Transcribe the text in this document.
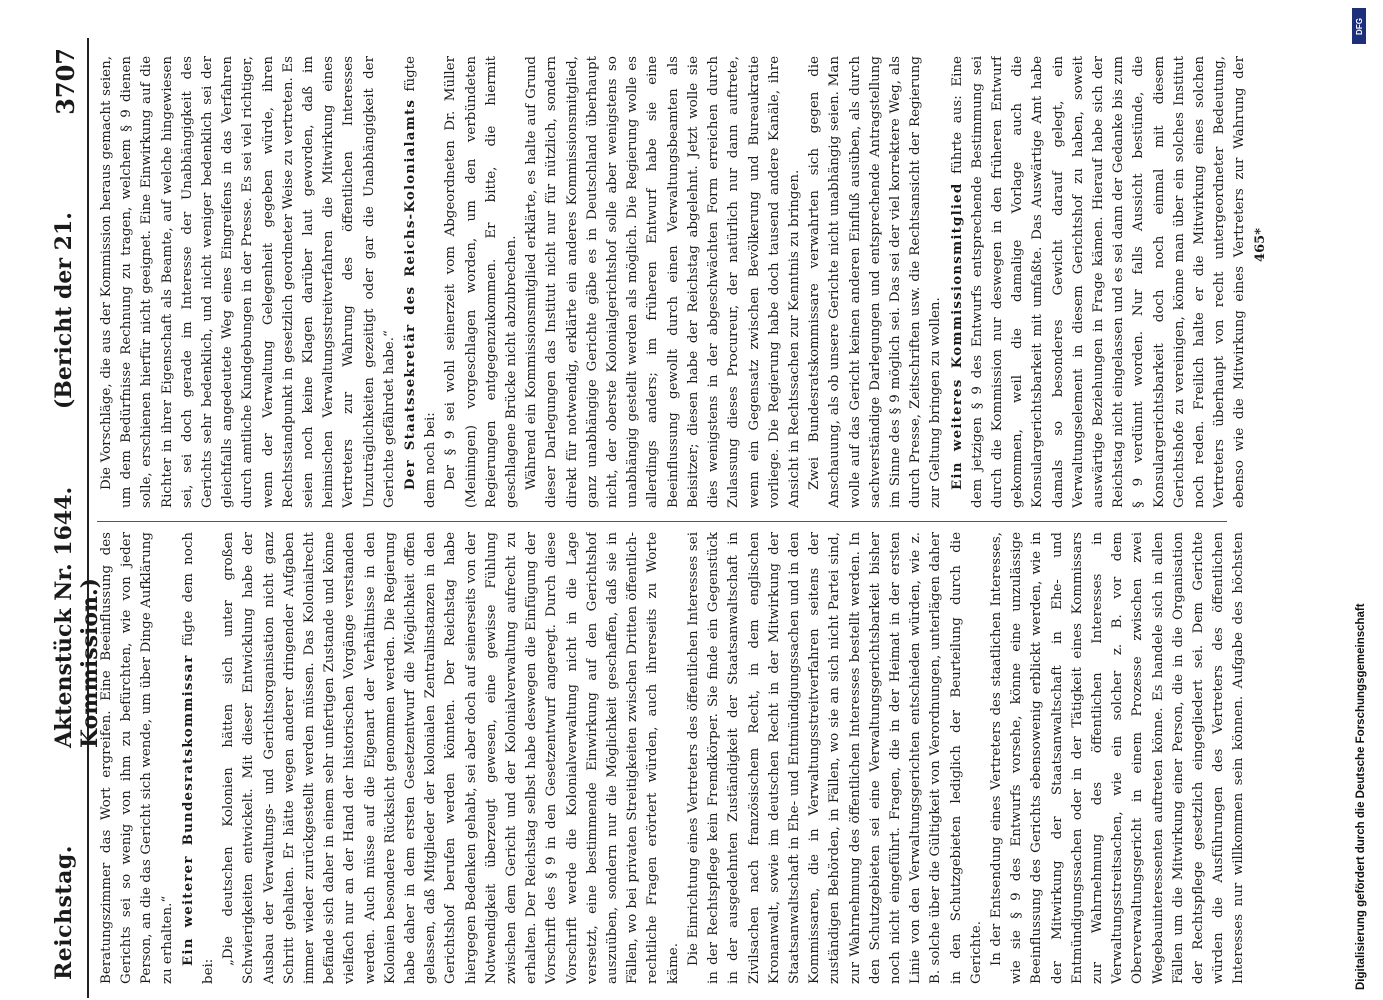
Reichstag.
Aktenstück Nr. 1644. (Bericht der 21. Kommission.)
3707

Beratungszimmer das Wort ergreifen. Eine Beeinflussung des Gerichts sei so wenig von ihm zu befürchten, wie von jeder Person, an die das Gericht sich wende, um über Dinge Aufklärung zu erhalten.“ Ein weiterer Bundesratskommissar fügte dem noch bei:

„Die deutschen Kolonien hätten sich unter großen Schwierigkeiten entwickelt. Mit dieser Entwicklung habe der Ausbau der Verwaltungs- und Gerichtsorganisation nicht ganz Schritt gehalten. Er hätte wegen anderer dringender Aufgaben immer wieder zurückgestellt werden müssen. Das Kolonialrecht befände sich daher in einem sehr unfertigen Zustande und könne vielfach nur an der Hand der historischen Vorgänge verstanden werden. Auch müsse auf die Eigenart der Verhältnisse in den Kolonien besondere Rücksicht genommen werden. Die Regierung habe daher in dem ersten Gesetzentwurf die Möglichkeit offen gelassen, daß Mitglieder der kolonialen Zentralinstanzen in den Gerichtshof berufen werden könnten. Der Reichstag habe hiergegen Bedenken gehabt, sei aber doch auf seinerseits von der Notwendigkeit überzeugt gewesen, eine gewisse Fühlung zwischen dem Gericht und der Kolonialverwaltung aufrecht zu erhalten. Der Reichstag selbst habe deswegen die Einfügung der Vorschrift des § 9 in den Gesetzentwurf angeregt. Durch diese Vorschrift werde die Kolonialverwaltung nicht in die Lage versetzt, eine bestimmende Einwirkung auf den Gerichtshof auszuüben, sondern nur die Möglichkeit geschaffen, daß sie in Fällen, wo bei privaten Streitigkeiten zwischen Dritten öffentlich-rechtliche Fragen erörtert würden, auch ihrerseits zu Worte käme. Die Einrichtung eines Vertreters des öffentlichen Interesses sei in der Rechtspflege kein Fremdkörper. Sie finde ein Gegenstück in der ausgedehnten Zuständigkeit der Staatsanwaltschaft in Zivilsachen nach französischem Recht, in dem englischen Kronanwalt, sowie im deutschen Recht in der Mitwirkung der Staatsanwaltschaft in Ehe- und Entmündigungssachen und in den Kommissaren, die in Verwaltungsstreitverfahren seitens der zuständigen Behörden, in Fällen, wo sie an sich nicht Partei sind, zur Wahrnehmung des öffentlichen Interesses bestellt werden. In den Schutzgebieten sei eine Verwaltungsgerichtsbarkeit bisher noch nicht eingeführt. Fragen, die in der Heimat in der ersten Linie von den Verwaltungsgerichten entschieden würden, wie z. B. solche über die Gültigkeit von Verordnungen, unterlägen daher in den Schutzgebieten lediglich der Beurteilung durch die Gerichte. In der Entsendung eines Vertreters des staatlichen Interesses, wie sie § 9 des Entwurfs vorsehe, könne eine unzulässige Beeinflussung des Gerichts ebensowenig erblickt werden, wie in der Mitwirkung der Staatsanwaltschaft in Ehe- und Entmündigungssachen oder in der Tätigkeit eines Kommissars zur Wahrnehmung des öffentlichen Interesses in Verwaltungsstreitsachen, wie ein solcher z. B. vor dem Oberverwaltungsgericht in einem Prozesse zwischen zwei Wegebauinteressenten auftreten könne. Es handele sich in allen Fällen um die Mitwirkung einer Person, die in die Organisation der Rechtspflege gesetzlich eingegliedert sei. Dem Gerichte würden die Ausführungen des Vertreters des öffentlichen Interesses nur willkommen sein können. Aufgabe des höchsten

Die Vorschläge, die aus der Kommission heraus gemacht seien, um dem Bedürfnisse Rechnung zu tragen, welchem § 9 dienen solle, erschienen hierfür nicht geeignet. Eine Einwirkung auf die Richter in ihrer Eigenschaft als Beamte, auf welche hingewiesen sei, sei doch gerade im Interesse der Unabhängigkeit des Gerichts sehr bedenklich, und nicht weniger bedenklich sei der gleichfalls angedeutete Weg eines Eingreifens in das Verfahren durch amtliche Kundgebungen in der Presse. Es sei viel richtiger, wenn der Verwaltung Gelegenheit gegeben würde, ihren Rechtsstandpunkt in gesetzlich geordneter Weise zu vertreten. Es seien noch keine Klagen darüber laut geworden, daß im heimischen Verwaltungsstreitverfahren die Mitwirkung eines Vertreters zur Wahrung des öffentlichen Interesses Unzuträglichkeiten gezeitigt oder gar die Unabhängigkeit der Gerichte gefährdet habe.“ Der Staatssekretär des Reichs-Kolonialamts fügte dem noch bei: Der § 9 sei wohl seinerzeit vom Abgeordneten Dr. Müller (Meiningen) vorgeschlagen worden, um den verbündeten Regierungen entgegenzukommen. Er bitte, die hiermit geschlagene Brücke nicht abzubrechen. Während ein Kommissionsmitglied erklärte, es halte auf Grund dieser Darlegungen das Institut nicht nur für nützlich, sondern direkt für notwendig, erklärte ein anderes Kommissionsmitglied, ganz unabhängige Gerichte gäbe es in Deutschland überhaupt nicht, der oberste Kolonialgerichtshof solle aber wenigstens so unabhängig gestellt werden als möglich. Die Regierung wolle es allerdings anders; im früheren Entwurf habe sie eine Beeinflussung gewollt durch einen Verwaltungsbeamten als Beisitzer; diesen habe der Reichstag abgelehnt. Jetzt wolle sie dies wenigstens in der abgeschwächten Form erreichen durch Zulassung dieses Procureur, der natürlich nur dann auftrete, wenn ein Gegensatz zwischen Bevölkerung und Bureaukratie vorliege. Die Regierung habe doch tausend andere Kanäle, ihre Ansicht in Rechtssachen zur Kenntnis zu bringen. Zwei Bundesratskommissare verwahrten sich gegen die Anschauung, als ob unsere Gerichte nicht unabhängig seien. Man wolle auf das Gericht keinen anderen Einfluß ausüben, als durch sachverständige Darlegungen und entsprechende Antragstellung im Sinne des § 9 möglich sei. Das sei der viel korrektere Weg, als durch Presse, Zeitschriften usw. die Rechtsansicht der Regierung zur Geltung bringen zu wollen. Ein weiteres Kommissionsmitglied führte aus: Eine dem jetzigen § 9 des Entwurfs entsprechende Bestimmung sei durch die Kommission nur deswegen in den früheren Entwurf gekommen, weil die damalige Vorlage auch die Konsulargerichtsbarkeit mit umfaßte. Das Auswärtige Amt habe damals so besonderes Gewicht darauf gelegt, ein Verwaltungselement in diesem Gerichtshof zu haben, soweit auswärtige Beziehungen in Frage kämen. Hierauf habe sich der Reichstag nicht eingelassen und es sei dann der Gedanke bis zum § 9 verdünnt worden. Nur falls Aussicht bestünde, die Konsulargerichtsbarkeit doch noch einmal mit diesem Gerichtshofe zu vereinigen, könne man über ein solches Institut noch reden. Freilich halte er die Mitwirkung eines solchen Vertreters überhaupt von recht untergeordneter Bedeutung, ebenso wie die Mitwirkung eines Vertreters zur Wahrung der

465*
DFG
Digitalisierung gefördert durch die Deutsche Forschungsgemeinschaft
